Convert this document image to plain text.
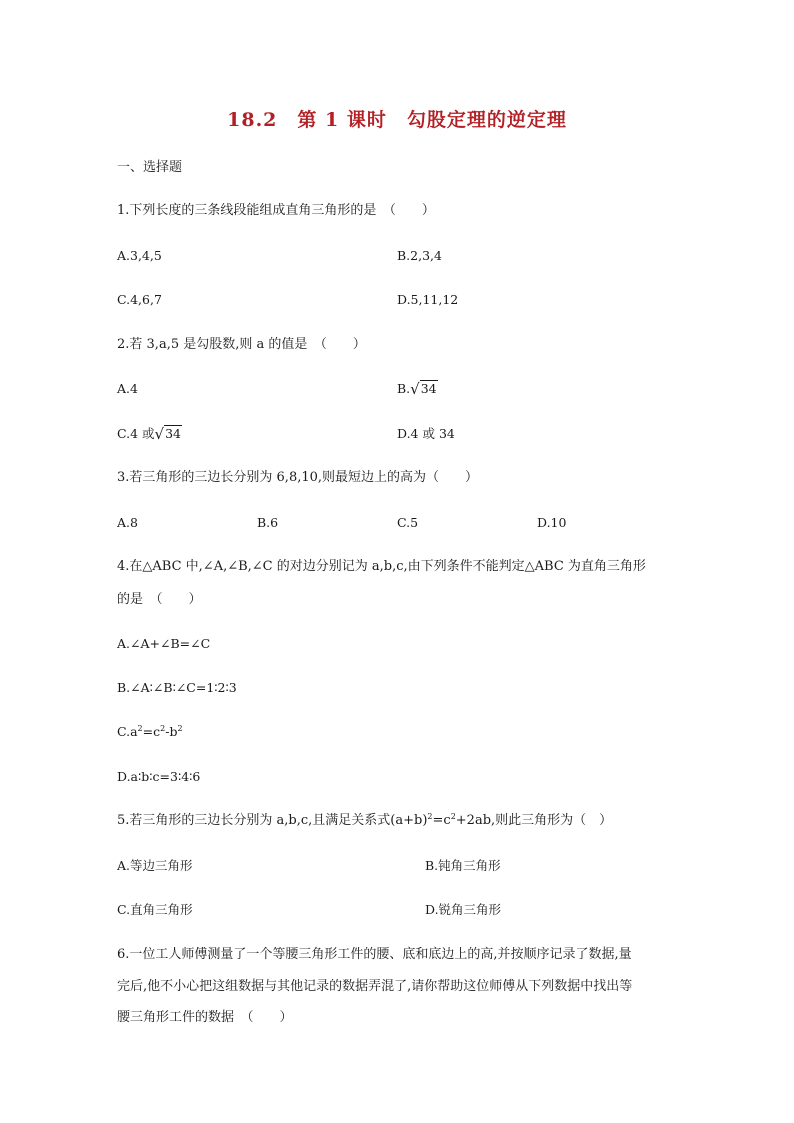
18.2　第 1 课时　勾股定理的逆定理
一、选择题
1.下列长度的三条线段能组成直角三角形的是　（　　）
A.3,4,5	B.2,3,4
C.4,6,7	D.5,11,12
2.若 3,a,5 是勾股数,则 a 的值是　（　　）
A.4	B.√34
C.4 或√34	D.4 或 34
3.若三角形的三边长分别为 6,8,10,则最短边上的高为（　　）
A.8	B.6	C.5	D.10
4.在△ABC 中,∠A,∠B,∠C 的对边分别记为 a,b,c,由下列条件不能判定△ABC 为直角三角形
的是　（　　）
A.∠A+∠B=∠C
B.∠A∶∠B∶∠C=1∶2∶3
$C.a^2=c^2-b^2$
D.a∶b∶c=3∶4∶6
5.若三角形的三边长分别为 a,b,c,且满足关系式$(a+b)^2=c^2+2ab$,则此三角形为（　）
A.等边三角形	B.钝角三角形
C.直角三角形	D.锐角三角形
6.一位工人师傅测量了一个等腰三角形工件的腰、底和底边上的高,并按顺序记录了数据,量
完后,他不小心把这组数据与其他记录的数据弄混了,请你帮助这位师傅从下列数据中找出等
腰三角形工件的数据　（　　）
